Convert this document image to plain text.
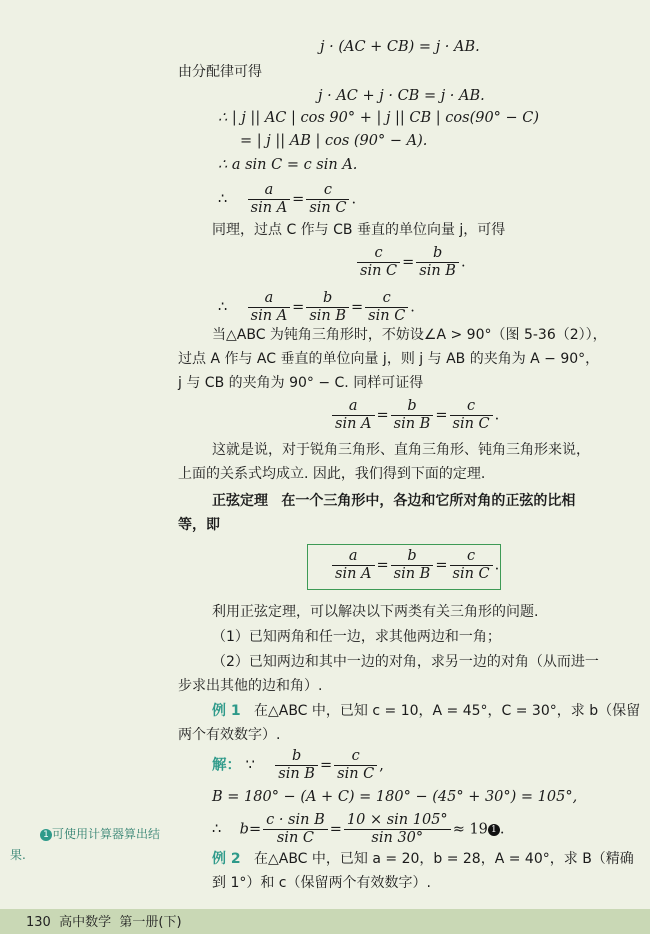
j · (AC + CB) = j · AB.
由分配律可得
j · AC + j · CB = j · AB.
∴ | j || AC | cos 90° + | j || CB | cos(90° − C)
= | j || AB | cos (90° − A).
∴ a sin C = c sin A.
∴ $\frac{a}{\text{sin A}} = \frac{c}{\text{sin C}}$ .
同理，过点 C 作与 CB 垂直的单位向量 j，可得
$\frac{c}{\text{sin C}} = \frac{b}{\text{sin B}}$ .
∴ $\frac{a}{\text{sin A}} = \frac{b}{\text{sin B}} = \frac{c}{\text{sin C}}$ .
当△ABC 为钝角三角形时，不妨设∠A > 90°（图 5-36（2）），
过点 A 作与 AC 垂直的单位向量 j，则 j 与 AB 的夹角为 A − 90°，
j 与 CB 的夹角为 90° − C. 同样可证得
$\frac{a}{\text{sin A}} = \frac{b}{\text{sin B}} = \frac{c}{\text{sin C}}$ .
这就是说，对于锐角三角形、直角三角形、钝角三角形来说，
上面的关系式均成立. 因此，我们得到下面的定理.
正弦定理 在一个三角形中，各边和它所对角的正弦的比相
等，即
$\frac{a}{\text{sin A}} = \frac{b}{\text{sin B}} = \frac{c}{\text{sin C}}$ .
利用正弦定理，可以解决以下两类有关三角形的问题.
（1）已知两角和任一边，求其他两边和一角；
（2）已知两边和其中一边的对角，求另一边的对角（从而进一
步求出其他的边和角）.
例 1 在△ABC 中，已知 c = 10，A = 45°，C = 30°，求 b（保留
两个有效数字）.
解： ∵ $\frac{b}{\text{sin B}} = \frac{c}{\text{sin C}}$ ,
B = 180° − (A + C) = 180° − (45° + 30°) = 105°,
∴ $b= \frac{\text{c · sin B}}{\text{sin C}} = \frac{10 \times \sin 105^\circ}{\sin 30^\circ} \approx 19$ 1 .
例 2 在△ABC 中，已知 a = 20，b = 28，A = 40°，求 B（精确
到 1°）和 c（保留两个有效数字）.
1 可使用计算器算出结
果.
130 高中数学 第一册(下)
